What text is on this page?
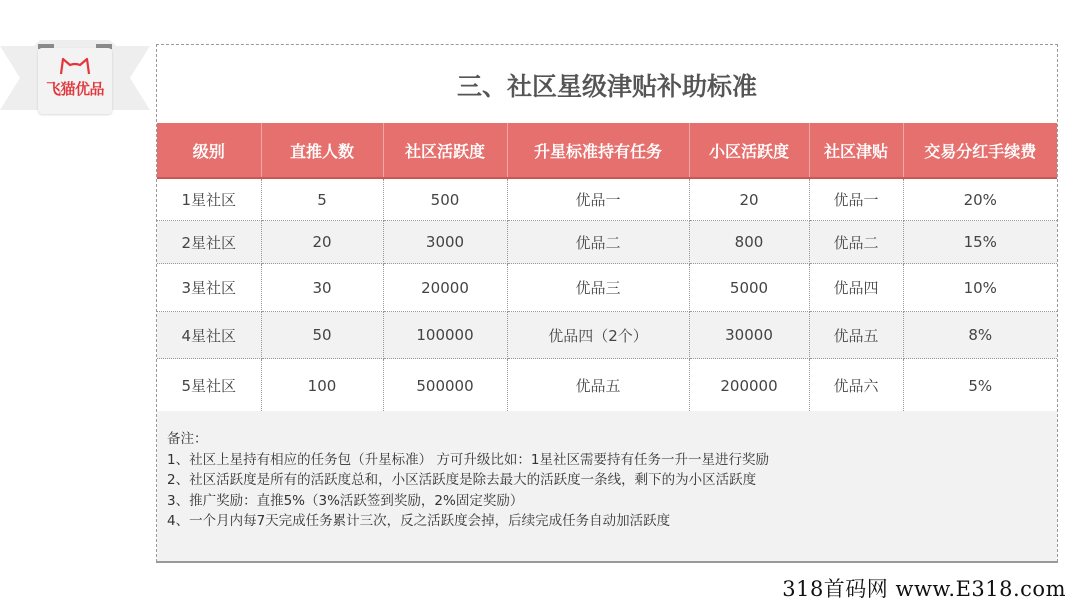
飞猫优品	三、社区星级津贴补助标准
级别	直推人数	社区活跃度	升星标准持有任务	小区活跃度	社区津贴	交易分红手续费
1星社区	5	500	优品一	20	优品一	20%
2星社区	20	3000	优品二	800	优品二	15%
3星社区	30	20000	优品三	5000	优品四	10%
4星社区	50	100000	优品四（2个）	30000	优品五	8%
5星社区	100	500000	优品五	200000	优品六	5%
备注：
1、社区上星持有相应的任务包（升星标准） 方可升级比如：1星社区需要持有任务一升一星进行奖励
2、社区活跃度是所有的活跃度总和，小区活跃度是除去最大的活跃度一条线，剩下的为小区活跃度
3、推广奖励：直推5%（3%活跃签到奖励，2%固定奖励）
4、一个月内每7天完成任务累计三次，反之活跃度会掉，后续完成任务自动加活跃度
318首码网 www.E318.com
